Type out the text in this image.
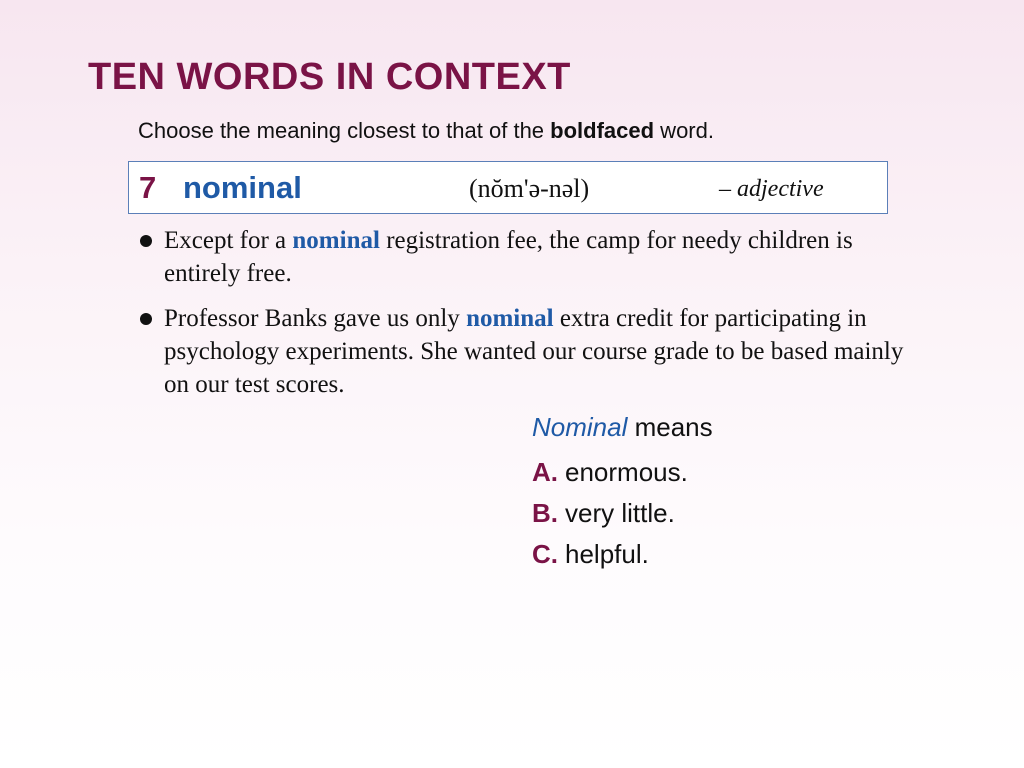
TEN WORDS IN CONTEXT
Choose the meaning closest to that of the boldfaced word.
7 nominal	(nŏm'ə-nəl)	– adjective
Except for a nominal registration fee, the camp for needy children is entirely free.
Professor Banks gave us only nominal extra credit for participating in psychology experiments. She wanted our course grade to be based mainly on our test scores.
Nominal means
A. enormous.
B. very little.
C. helpful.
